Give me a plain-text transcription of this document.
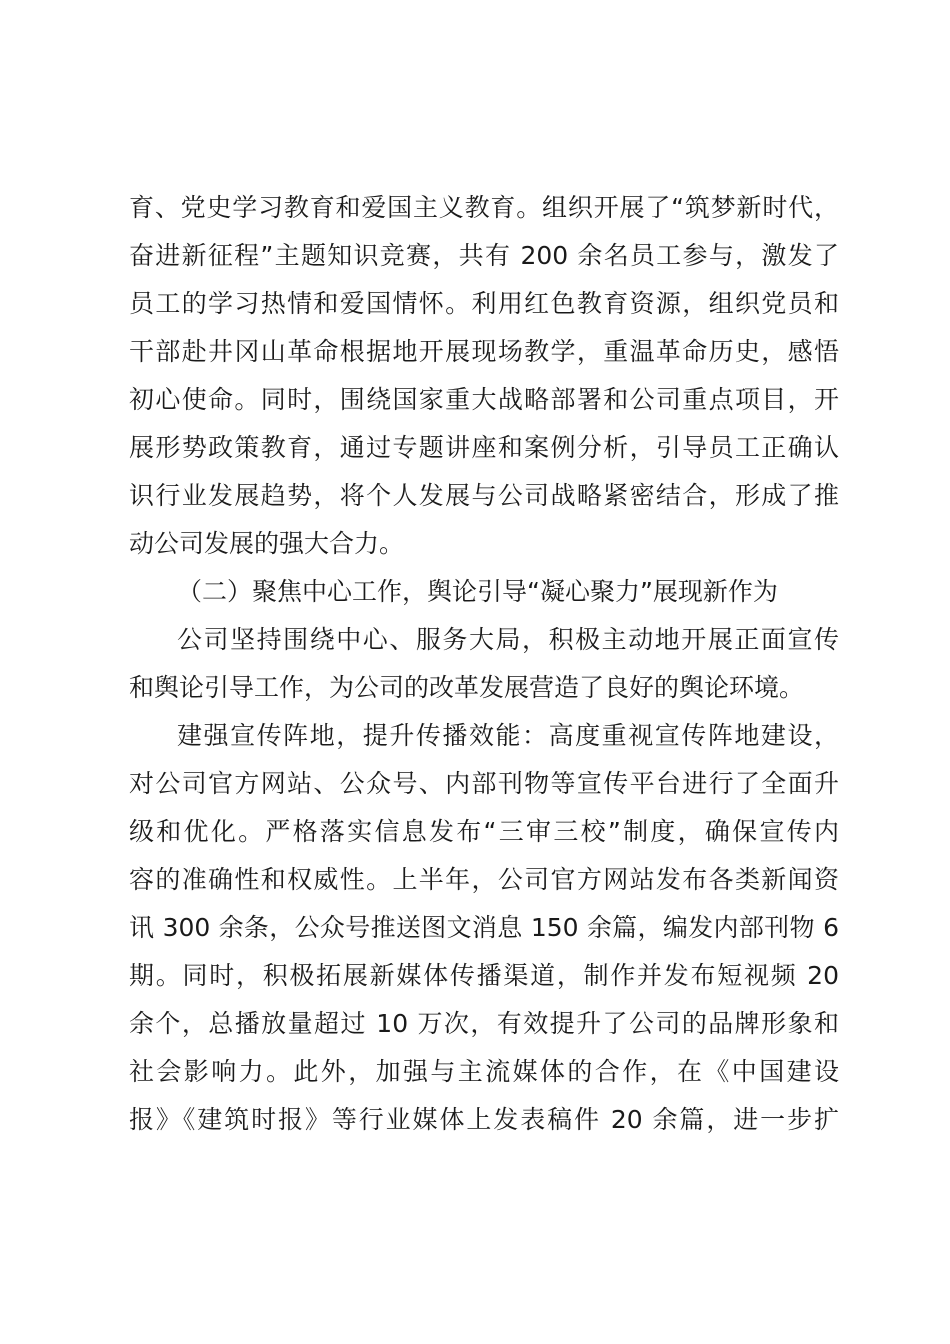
育、党史学习教育和爱国主义教育。组织开展了“筑梦新时代，
奋进新征程”主题知识竞赛，共有 200 余名员工参与，激发了
员工的学习热情和爱国情怀。利用红色教育资源，组织党员和
干部赴井冈山革命根据地开展现场教学，重温革命历史，感悟
初心使命。同时，围绕国家重大战略部署和公司重点项目，开
展形势政策教育，通过专题讲座和案例分析，引导员工正确认
识行业发展趋势，将个人发展与公司战略紧密结合，形成了推
动公司发展的强大合力。
（二）聚焦中心工作，舆论引导“凝心聚力”展现新作为
公司坚持围绕中心、服务大局，积极主动地开展正面宣传
和舆论引导工作，为公司的改革发展营造了良好的舆论环境。
建强宣传阵地，提升传播效能：高度重视宣传阵地建设，
对公司官方网站、公众号、内部刊物等宣传平台进行了全面升
级和优化。严格落实信息发布“三审三校”制度，确保宣传内
容的准确性和权威性。上半年，公司官方网站发布各类新闻资
讯 300 余条，公众号推送图文消息 150 余篇，编发内部刊物 6
期。同时，积极拓展新媒体传播渠道，制作并发布短视频 20
余个，总播放量超过 10 万次，有效提升了公司的品牌形象和
社会影响力。此外，加强与主流媒体的合作，在《中国建设
报》《建筑时报》等行业媒体上发表稿件 20 余篇，进一步扩
